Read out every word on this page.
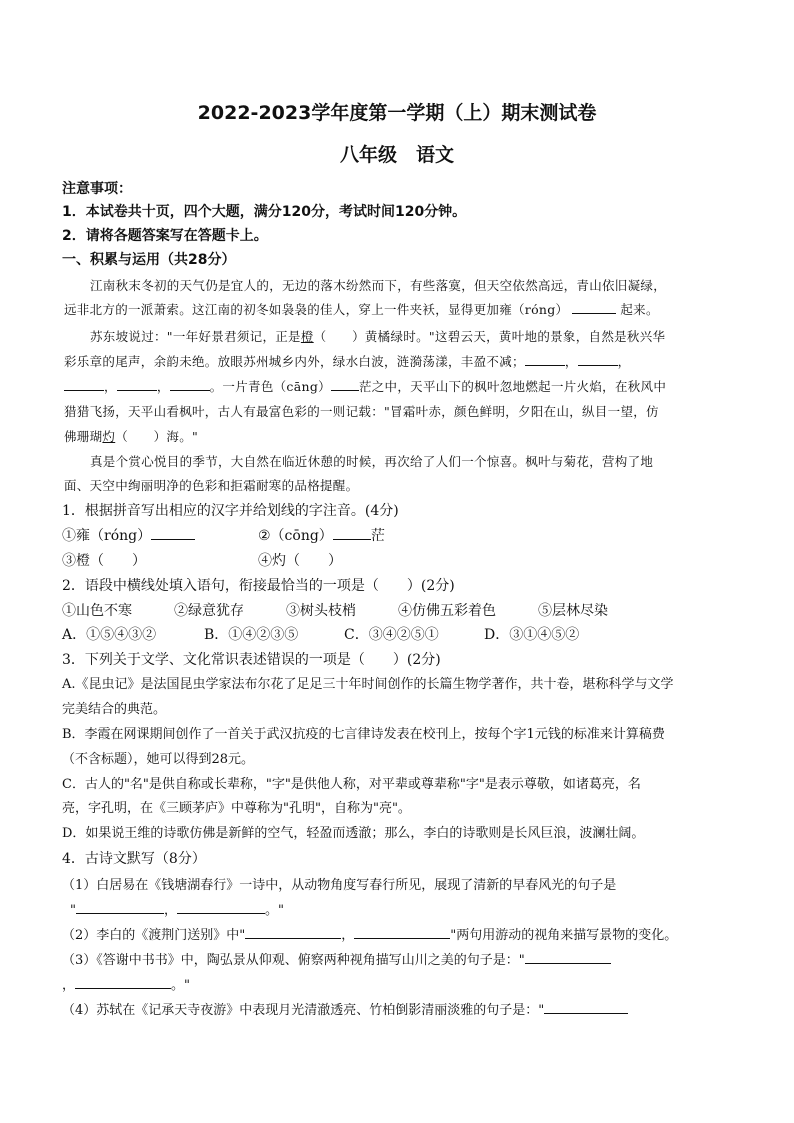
2022-2023学年度第一学期（上）期末测试卷
八年级　语文
注意事项：
1．本试卷共十页，四个大题，满分120分，考试时间120分钟。
2．请将各题答案写在答题卡上。
一、积累与运用（共28分）
江南秋末冬初的天气仍是宜人的，无边的落木纷然而下，有些落寞，但天空依然高远，青山依旧凝绿，
远非北方的一派萧索。这江南的初冬如袅袅的佳人，穿上一件夹袄，显得更加雍（róng）	起来。
苏东坡说过："一年好景君须记，正是橙（　　）黄橘绿时。"这碧云天，黄叶地的景象，自然是秋兴华
彩乐章的尾声，余韵未绝。放眼苏州城乡内外，绿水白波，涟漪荡漾，丰盈不减；	，	，
，	，	。一片青色（cāng） 茫之中，天平山下的枫叶忽地燃起一片火焰，在秋风中
猎猎飞扬，天平山看枫叶，古人有最富色彩的一则记载："冒霜叶赤，颜色鲜明，夕阳在山，纵目一望，仿
佛珊瑚灼（　　）海。"
真是个赏心悦目的季节，大自然在临近休憩的时候，再次给了人们一个惊喜。枫叶与菊花，营构了地
面、天空中绚丽明净的色彩和拒霜耐寒的品格提醒。
1．根据拼音写出相应的汉字并给划线的字注音。(4分)
①雍（róng）	②（cōng）	茫
③橙（　　）	④灼（　　）
2．语段中横线处填入语句，衔接最恰当的一项是（　　）(2分)
①山色不寒	②绿意犹存	③树头枝梢	④仿佛五彩着色	⑤层林尽染
A．①⑤④③②	B．①④②③⑤	C．③④②⑤①	D．③①④⑤②
3．下列关于文学、文化常识表述错误的一项是（　　）(2分)
A.《昆虫记》是法国昆虫学家法布尔花了足足三十年时间创作的长篇生物学著作，共十卷，堪称科学与文学
完美结合的典范。
B．李霞在网课期间创作了一首关于武汉抗疫的七言律诗发表在校刊上，按每个字1元钱的标准来计算稿费
（不含标题），她可以得到28元。
C．古人的"名"是供自称或长辈称，"字"是供他人称，对平辈或尊辈称"字"是表示尊敬，如诸葛亮，名
亮，字孔明，在《三顾茅庐》中尊称为"孔明"，自称为"亮"。
D．如果说王维的诗歌仿佛是新鲜的空气，轻盈而透澈；那么，李白的诗歌则是长风巨浪，波澜壮阔。
4．古诗文默写（8分）
（1）白居易在《钱塘湖春行》一诗中，从动物角度写春行所见，展现了清新的早春风光的句子是
"	，	。"
（2）李白的《渡荆门送别》中"	，	"两句用游动的视角来描写景物的变化。
（3）《答谢中书书》中，陶弘景从仰观、俯察两种视角描写山川之美的句子是："
，	。"
（4）苏轼在《记承天寺夜游》中表现月光清澈透亮、竹柏倒影清丽淡雅的句子是："
